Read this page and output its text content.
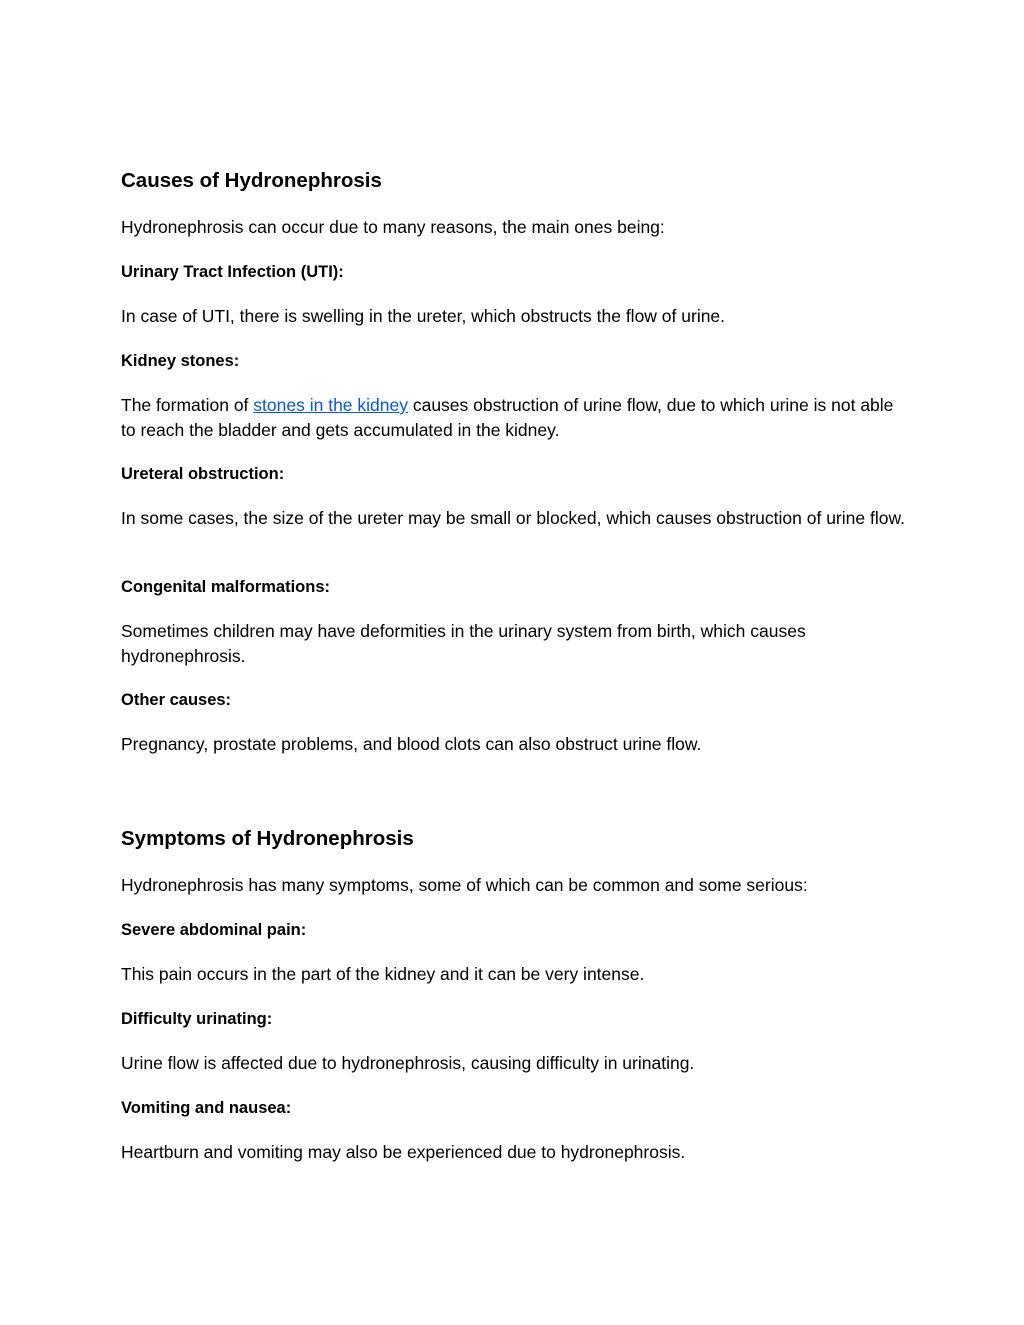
Causes of Hydronephrosis

Hydronephrosis can occur due to many reasons, the main ones being:

Urinary Tract Infection (UTI):

In case of UTI, there is swelling in the ureter, which obstructs the flow of urine.

Kidney stones:

The formation of stones in the kidney causes obstruction of urine flow, due to which urine is not able to reach the bladder and gets accumulated in the kidney.

Ureteral obstruction:

In some cases, the size of the ureter may be small or blocked, which causes obstruction of urine flow.

Congenital malformations:

Sometimes children may have deformities in the urinary system from birth, which causes hydronephrosis.

Other causes:

Pregnancy, prostate problems, and blood clots can also obstruct urine flow.

Symptoms of Hydronephrosis

Hydronephrosis has many symptoms, some of which can be common and some serious:

Severe abdominal pain:

This pain occurs in the part of the kidney and it can be very intense.

Difficulty urinating:

Urine flow is affected due to hydronephrosis, causing difficulty in urinating.

Vomiting and nausea:

Heartburn and vomiting may also be experienced due to hydronephrosis.
